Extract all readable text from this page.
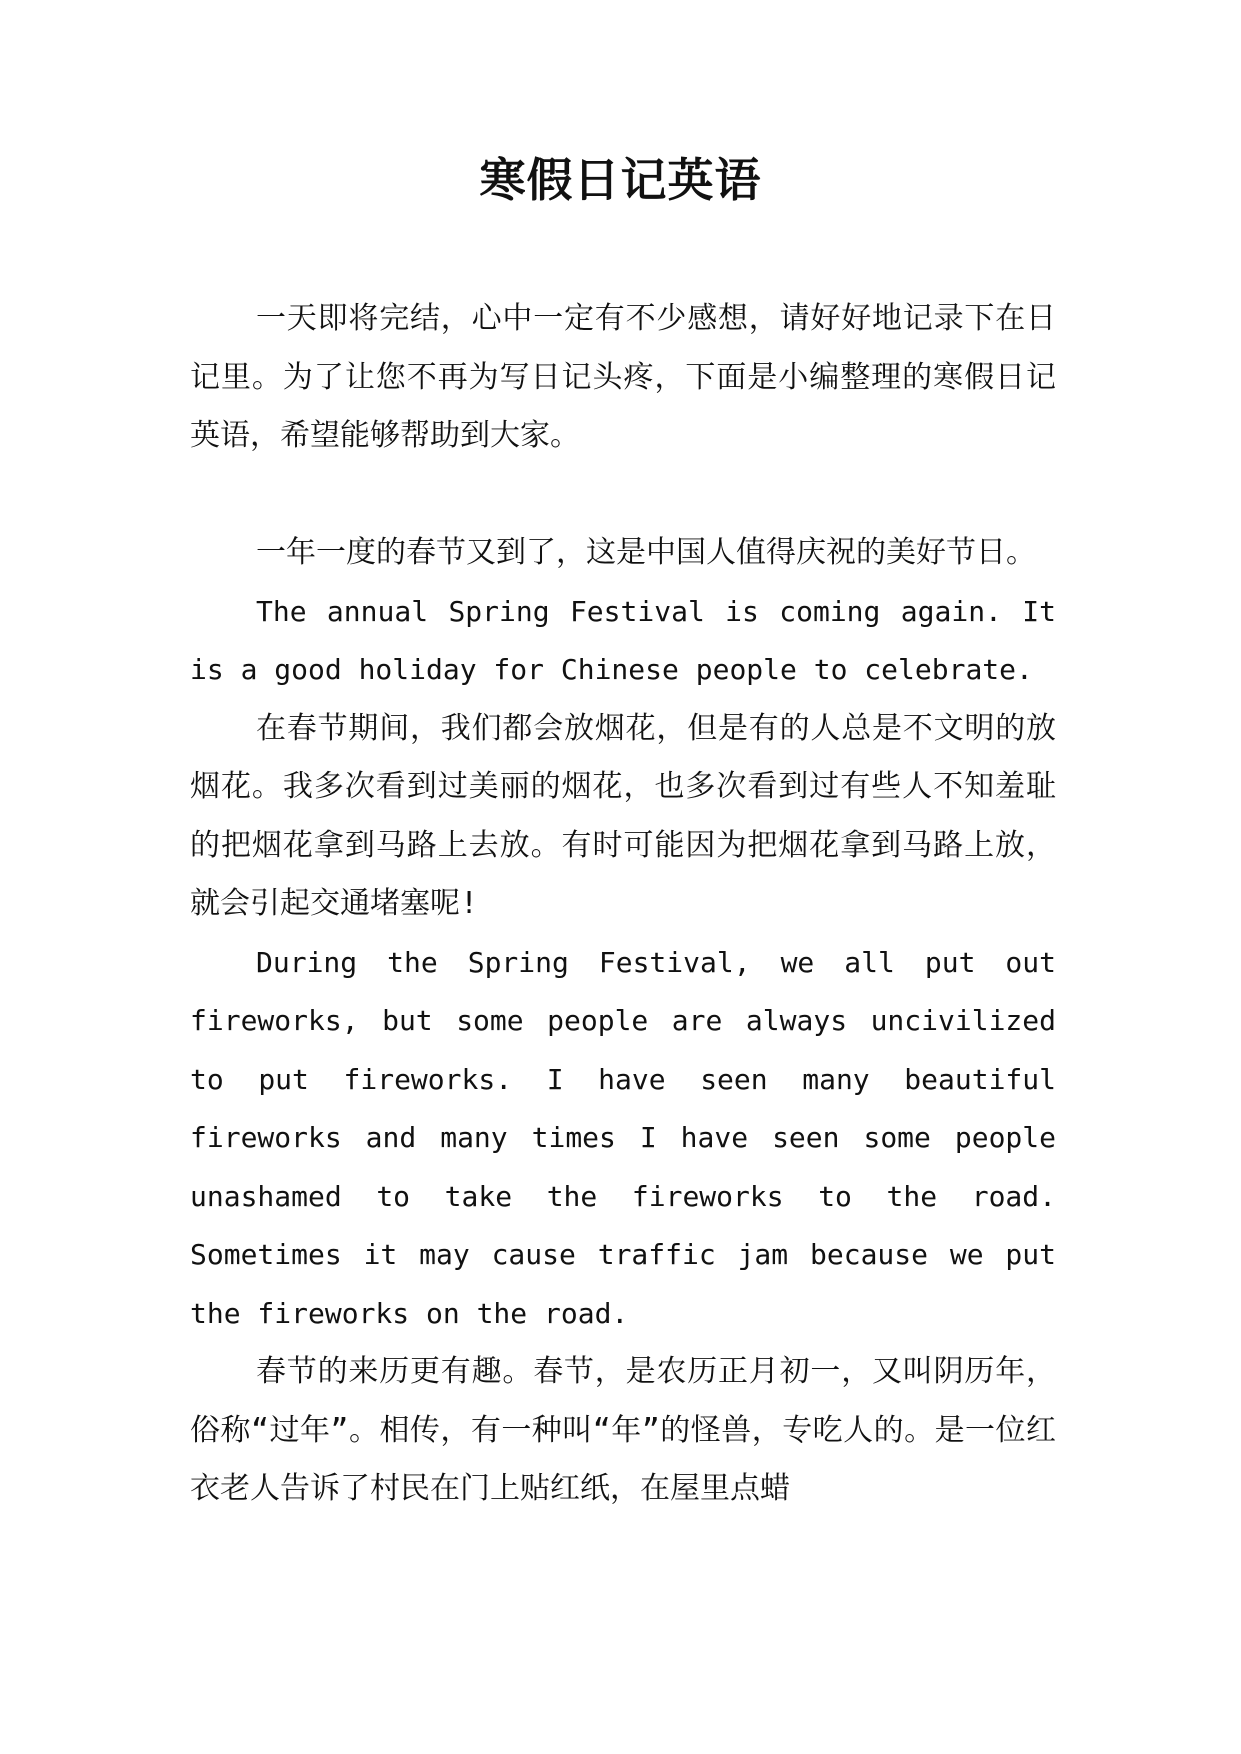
寒假日记英语

一天即将完结，心中一定有不少感想，请好好地记录下在日记里。为了让您不再为写日记头疼，下面是小编整理的寒假日记英语，希望能够帮助到大家。

一年一度的春节又到了，这是中国人值得庆祝的美好节日。

The annual Spring Festival is coming again. It is a good holiday for Chinese people to celebrate.

在春节期间，我们都会放烟花，但是有的人总是不文明的放烟花。我多次看到过美丽的烟花，也多次看到过有些人不知羞耻的把烟花拿到马路上去放。有时可能因为把烟花拿到马路上放，就会引起交通堵塞呢!

During the Spring Festival, we all put out fireworks, but some people are always uncivilized to put fireworks. I have seen many beautiful fireworks and many times I have seen some people unashamed to take the fireworks to the road. Sometimes it may cause traffic jam because we put the fireworks on the road.

春节的来历更有趣。春节，是农历正月初一，又叫阴历年，俗称“过年”。相传，有一种叫“年”的怪兽，专吃人的。是一位红衣老人告诉了村民在门上贴红纸，在屋里点蜡
